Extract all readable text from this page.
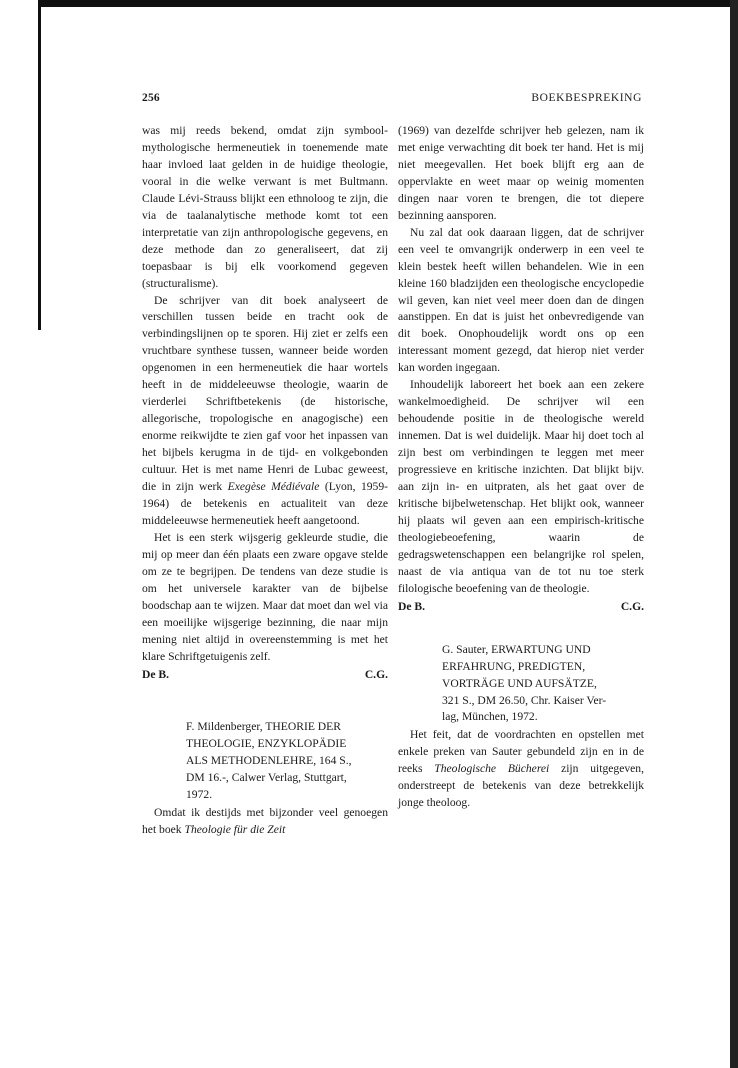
256	BOEKBESPREKING

was mij reeds bekend, omdat zijn symbool-mythologische hermeneutiek in toenemende mate haar invloed laat gelden in de huidige theologie, vooral in die welke verwant is met Bultmann. Claude Lévi-Strauss blijkt een ethnoloog te zijn, die via de taalanalytische methode komt tot een interpretatie van zijn anthropologische gegevens, en deze methode dan zo generaliseert, dat zij toepasbaar is bij elk voorkomend gegeven (structuralisme).

De schrijver van dit boek analyseert de verschillen tussen beide en tracht ook de verbindingslijnen op te sporen. Hij ziet er zelfs een vruchtbare synthese tussen, wanneer beide worden opgenomen in een hermeneutiek die haar wortels heeft in de middeleeuwse theologie, waarin de vierderlei Schriftbetekenis (de historische, allegorische, tropologische en anagogische) een enorme reikwijdte te zien gaf voor het inpassen van het bijbels kerugma in de tijd- en volkgebonden cultuur. Het is met name Henri de Lubac geweest, die in zijn werk Exegèse Médiévale (Lyon, 1959-1964) de betekenis en actualiteit van deze middeleeuwse hermeneutiek heeft aangetoond.

Het is een sterk wijsgerig gekleurde studie, die mij op meer dan één plaats een zware opgave stelde om ze te begrijpen. De tendens van deze studie is om het universele karakter van de bijbelse boodschap aan te wijzen. Maar dat moet dan wel via een moeilijke wijsgerige bezinning, die naar mijn mening niet altijd in overeenstemming is met het klare Schriftgetuigenis zelf.

De B.	C.G.
F. Mildenberger, THEORIE DER
THEOLOGIE, ENZYKLOPÄDIE
ALS METHODENLEHRE, 164 S.,
DM 16.-, Calwer Verlag, Stuttgart,
1972.

Omdat ik destijds met bijzonder veel genoegen het boek Theologie für die Zeit

(1969) van dezelfde schrijver heb gelezen, nam ik met enige verwachting dit boek ter hand. Het is mij niet meegevallen. Het boek blijft erg aan de oppervlakte en weet maar op weinig momenten dingen naar voren te brengen, die tot diepere bezinning aansporen.

Nu zal dat ook daaraan liggen, dat de schrijver een veel te omvangrijk onderwerp in een veel te klein bestek heeft willen behandelen. Wie in een kleine 160 bladzijden een theologische encyclopedie wil geven, kan niet veel meer doen dan de dingen aanstippen. En dat is juist het onbevredigende van dit boek. Onophoudelijk wordt ons op een interessant moment gezegd, dat hierop niet verder kan worden ingegaan.

Inhoudelijk laboreert het boek aan een zekere wankelmoedigheid. De schrijver wil een behoudende positie in de theologische wereld innemen. Dat is wel duidelijk. Maar hij doet toch al zijn best om verbindingen te leggen met meer progressieve en kritische inzichten. Dat blijkt bijv. aan zijn in- en uitpraten, als het gaat over de kritische bijbelwetenschap. Het blijkt ook, wanneer hij plaats wil geven aan een empirisch-kritische theologiebeoefening, waarin de gedragswetenschappen een belangrijke rol spelen, naast de via antiqua van de tot nu toe sterk filologische beoefening van de theologie.

De B.	C.G.
G. Sauter, ERWARTUNG UND
ERFAHRUNG, PREDIGTEN,
VORTRÄGE UND AUFSÄTZE,
321 S., DM 26.50, Chr. Kaiser Ver-
lag, München, 1972.

Het feit, dat de voordrachten en opstellen met enkele preken van Sauter gebundeld zijn en in de reeks Theologische Bücherei zijn uitgegeven, onderstreept de betekenis van deze betrekkelijk jonge theoloog.
